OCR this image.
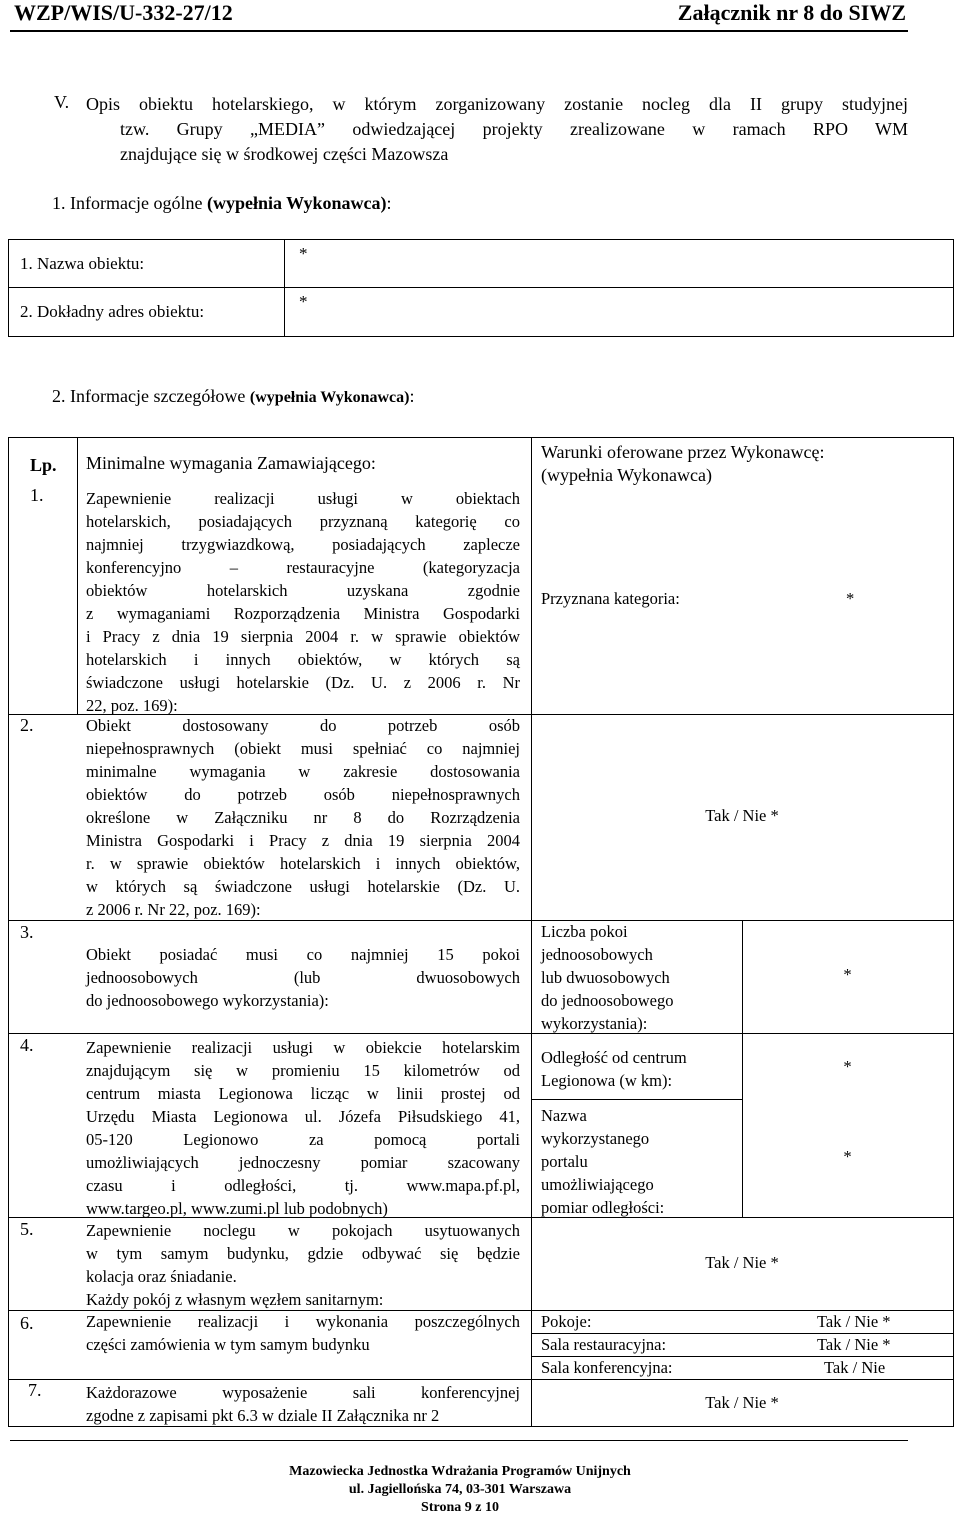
WZP/WIS/U-332-27/12	Załącznik nr 8 do SIWZ
V. Opis obiektu hotelarskiego, w którym zorganizowany zostanie nocleg dla II grupy studyjnej
tzw. Grupy „MEDIA” odwiedzającej projekty zrealizowane w ramach RPO WM
znajdujące się w środkowej części Mazowsza
1. Informacje ogólne (wypełnia Wykonawca):
1. Nazwa obiektu:	*
2. Dokładny adres obiektu:	*
2. Informacje szczegółowe (wypełnia Wykonawca):
Lp. Minimalne wymagania Zamawiającego:
Warunki oferowane przez Wykonawcę:
(wypełnia Wykonawca)
1.	Zapewnienie realizacji usługi w obiektach
hotelarskich, posiadających przyznaną kategorię co
najmniej trzygwiazdkową, posiadających zaplecze
konferencyjno – restauracyjne (kategoryzacja
obiektów hotelarskich uzyskana zgodnie
z wymaganiami Rozporządzenia Ministra Gospodarki
i Pracy z dnia 19 sierpnia 2004 r. w sprawie obiektów
hotelarskich i innych obiektów, w których są
świadczone usługi hotelarskie (Dz. U. z 2006 r. Nr
22, poz. 169):
Przyznana kategoria:	*
2.	Obiekt dostosowany do potrzeb osób
niepełnosprawnych (obiekt musi spełniać co najmniej
minimalne wymagania w zakresie dostosowania
obiektów do potrzeb osób niepełnosprawnych
określone w Załączniku nr 8 do Rozrządzenia
Ministra Gospodarki i Pracy z dnia 19 sierpnia 2004
r. w sprawie obiektów hotelarskich i innych obiektów,
w których są świadczone usługi hotelarskie (Dz. U.
z 2006 r. Nr 22, poz. 169):
Tak / Nie *
3.
Obiekt posiadać musi co najmniej 15 pokoi
jednoosobowych (lub dwuosobowych
do jednoosobowego wykorzystania):
Liczba pokoi
jednoosobowych
lub dwuosobowych
do jednoosobowego
wykorzystania):
*
4.	Zapewnienie realizacji usługi w obiekcie hotelarskim
znajdującym się w promieniu 15 kilometrów od
centrum miasta Legionowa licząc w linii prostej od
Urzędu Miasta Legionowa ul. Józefa Piłsudskiego 41,
05-120 Legionowo za pomocą portali
umożliwiających jednoczesny pomiar szacowany
czasu i odległości, tj. www.mapa.pf.pl,
www.targeo.pl, www.zumi.pl lub podobnych)
Odległość od centrum
Legionowa (w km):
*
Nazwa
wykorzystanego
portalu
umożliwiającego
pomiar odległości:
*
5.	Zapewnienie noclegu w pokojach usytuowanych
w tym samym budynku, gdzie odbywać się będzie
kolacja oraz śniadanie.
Każdy pokój z własnym węzłem sanitarnym:
Tak / Nie *
6.	Zapewnienie realizacji i wykonania poszczególnych
części zamówienia w tym samym budynku
Pokoje:	Tak / Nie *
Sala restauracyjna:	Tak / Nie *
Sala konferencyjna:	Tak / Nie
7.	Każdorazowe wyposażenie sali konferencyjnej
zgodne z zapisami pkt 6.3 w dziale II Załącznika nr 2
Tak / Nie *
Mazowiecka Jednostka Wdrażania Programów Unijnych
ul. Jagiellońska 74, 03-301 Warszawa
Strona 9 z 10
